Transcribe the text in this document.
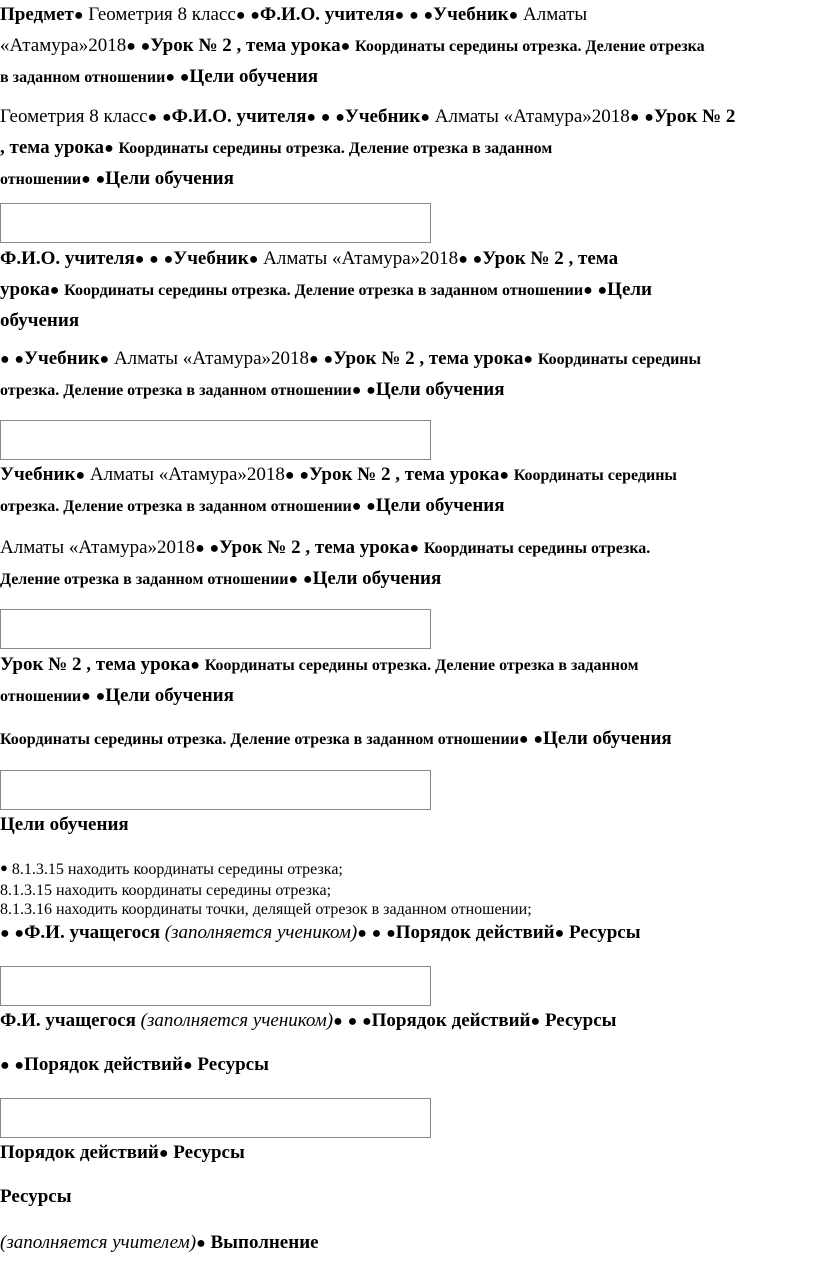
Предмет● Геометрия 8 класс● ●Ф.И.О. учителя● ● ●Учебник● Алматы
«Атамура»2018● ●Урок № 2 , тема урока● Координаты середины отрезка. Деление отрезка
в заданном отношении● ●Цели обучения

Геометрия 8 класс● ●Ф.И.О. учителя● ● ●Учебник● Алматы «Атамура»2018● ●Урок № 2
, тема урока● Координаты середины отрезка. Деление отрезка в заданном
отношении● ●Цели обучения

Ф.И.О. учителя● ● ●Учебник● Алматы «Атамура»2018● ●Урок № 2 , тема
урока● Координаты середины отрезка. Деление отрезка в заданном отношении● ●Цели
обучения

● ●Учебник● Алматы «Атамура»2018● ●Урок № 2 , тема урока● Координаты середины
отрезка. Деление отрезка в заданном отношении● ●Цели обучения

Учебник● Алматы «Атамура»2018● ●Урок № 2 , тема урока● Координаты середины
отрезка. Деление отрезка в заданном отношении● ●Цели обучения

Алматы «Атамура»2018● ●Урок № 2 , тема урока● Координаты середины отрезка.
Деление отрезка в заданном отношении● ●Цели обучения

Урок № 2 , тема урока● Координаты середины отрезка. Деление отрезка в заданном
отношении● ●Цели обучения

Координаты середины отрезка. Деление отрезка в заданном отношении● ●Цели обучения

Цели обучения

● 8.1.3.15 находить координаты середины отрезка;
8.1.3.15 находить координаты середины отрезка;
8.1.3.16 находить координаты точки, делящей отрезок в заданном отношении;

● ●Ф.И. учащегося (заполняется учеником)● ● ●Порядок действий● Ресурсы

Ф.И. учащегося (заполняется учеником)● ● ●Порядок действий● Ресурсы

● ●Порядок действий● Ресурсы

Порядок действий● Ресурсы

Ресурсы

(заполняется учителем)● Выполнение
